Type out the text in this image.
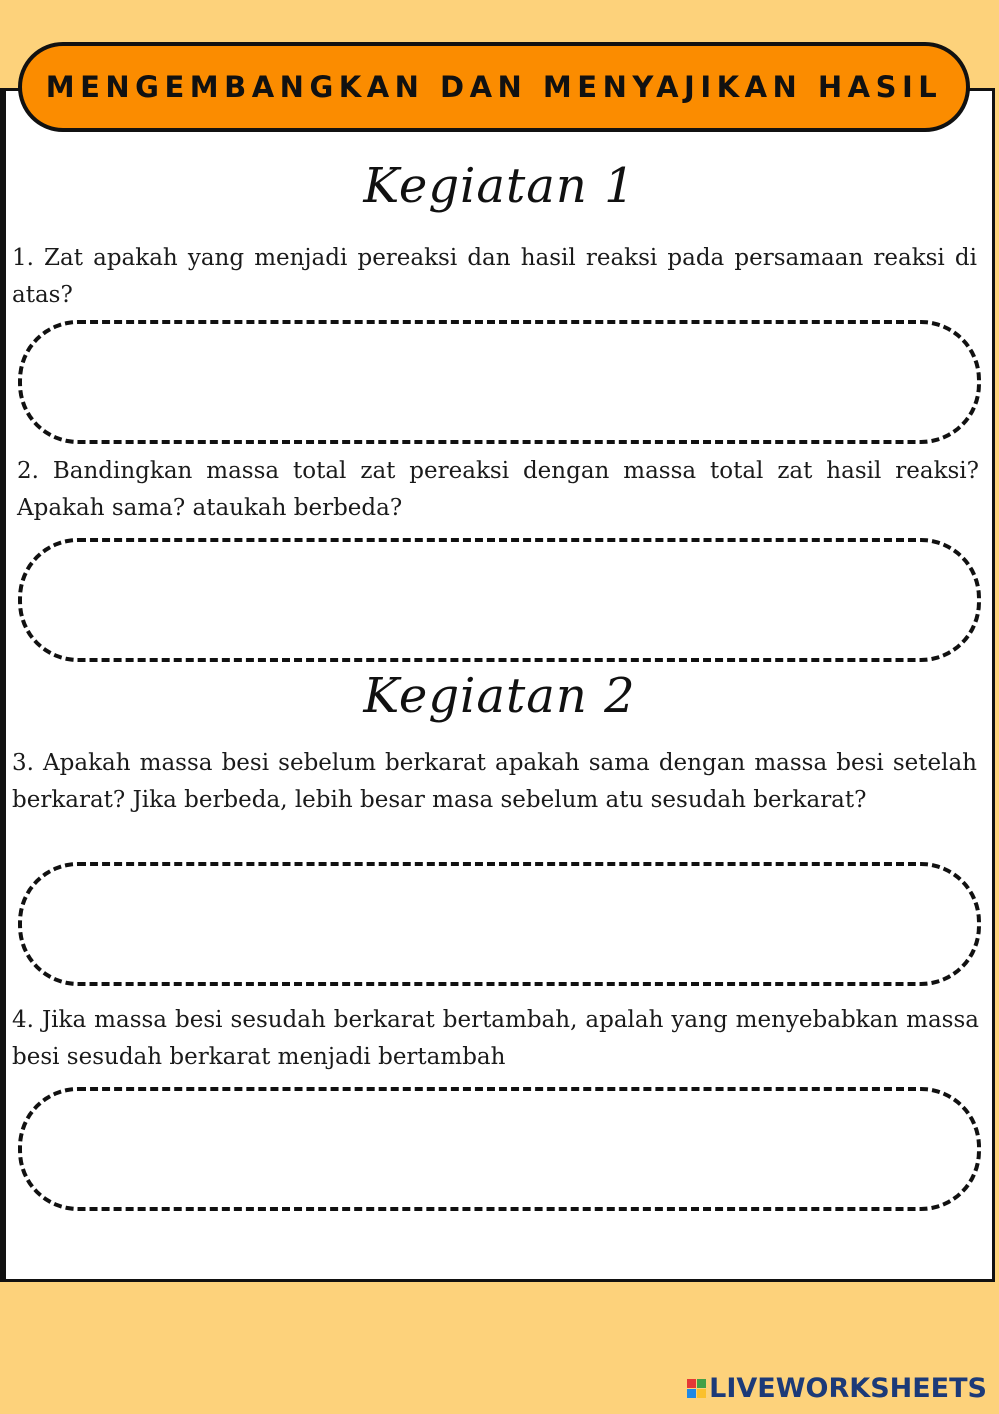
MENGEMBANGKAN DAN MENYAJIKAN HASIL
Kegiatan 1
1. Zat apakah yang menjadi pereaksi dan hasil reaksi pada persamaan reaksi di atas?
2. Bandingkan massa total zat pereaksi dengan massa total zat hasil reaksi? Apakah sama? ataukah berbeda?
Kegiatan 2
3. Apakah massa besi sebelum berkarat apakah sama dengan massa besi setelah berkarat? Jika berbeda, lebih besar masa sebelum atu sesudah berkarat?
4. Jika massa besi sesudah berkarat bertambah, apalah yang menyebabkan massa besi sesudah berkarat menjadi bertambah
LIVEWORKSHEETS
